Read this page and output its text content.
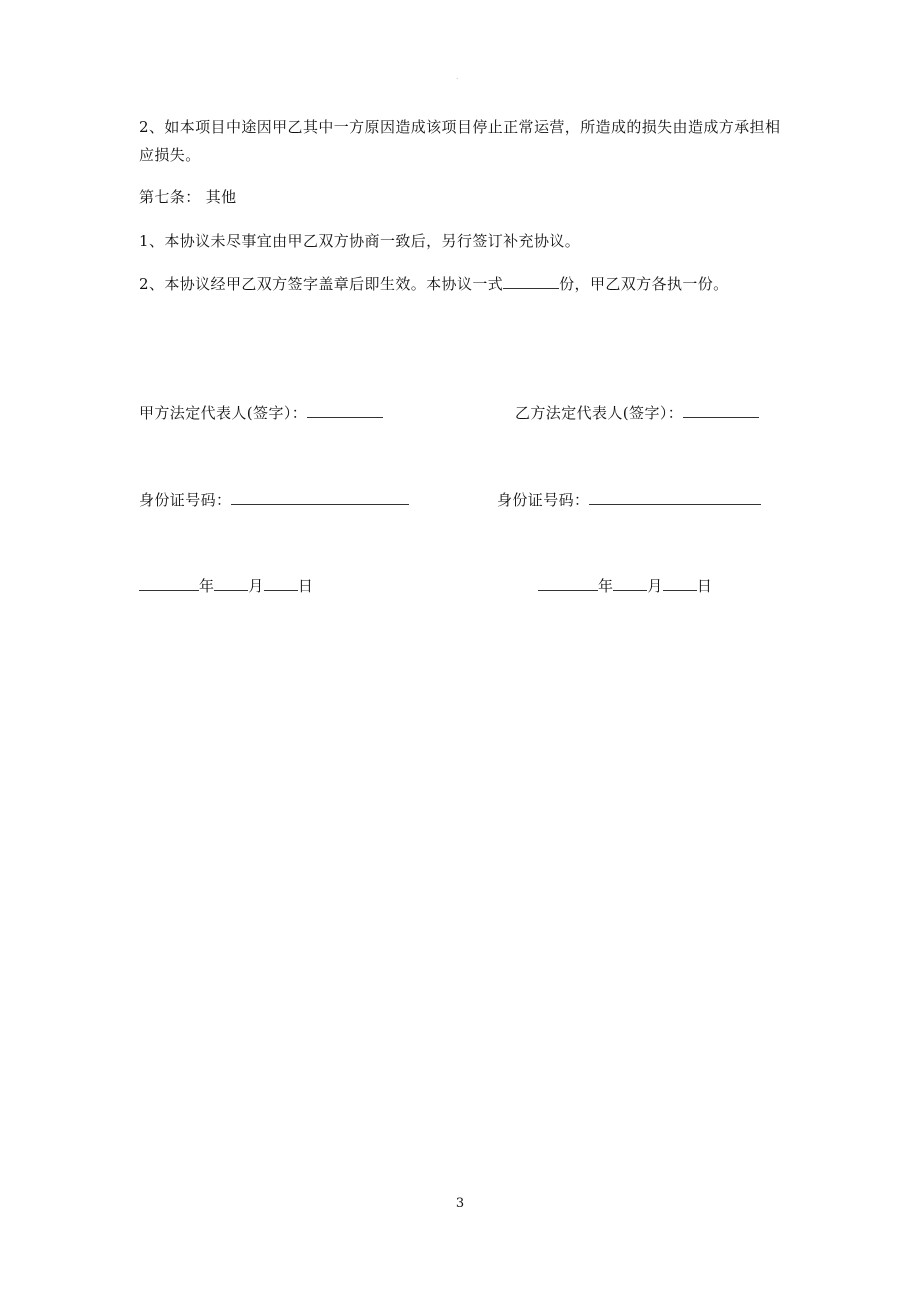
.

2、如本项目中途因甲乙其中一方原因造成该项目停止正常运营，所造成的损失由造成方承担相应损失。

第七条： 其他

1、本协议未尽事宜由甲乙双方协商一致后，另行签订补充协议。

2、本协议经甲乙双方签字盖章后即生效。本协议一式	份，甲乙双方各执一份。

甲方法定代表人(签字）：	乙方法定代表人(签字）：
身份证号码：	身份证号码：
年 月 日	年 月 日
3
